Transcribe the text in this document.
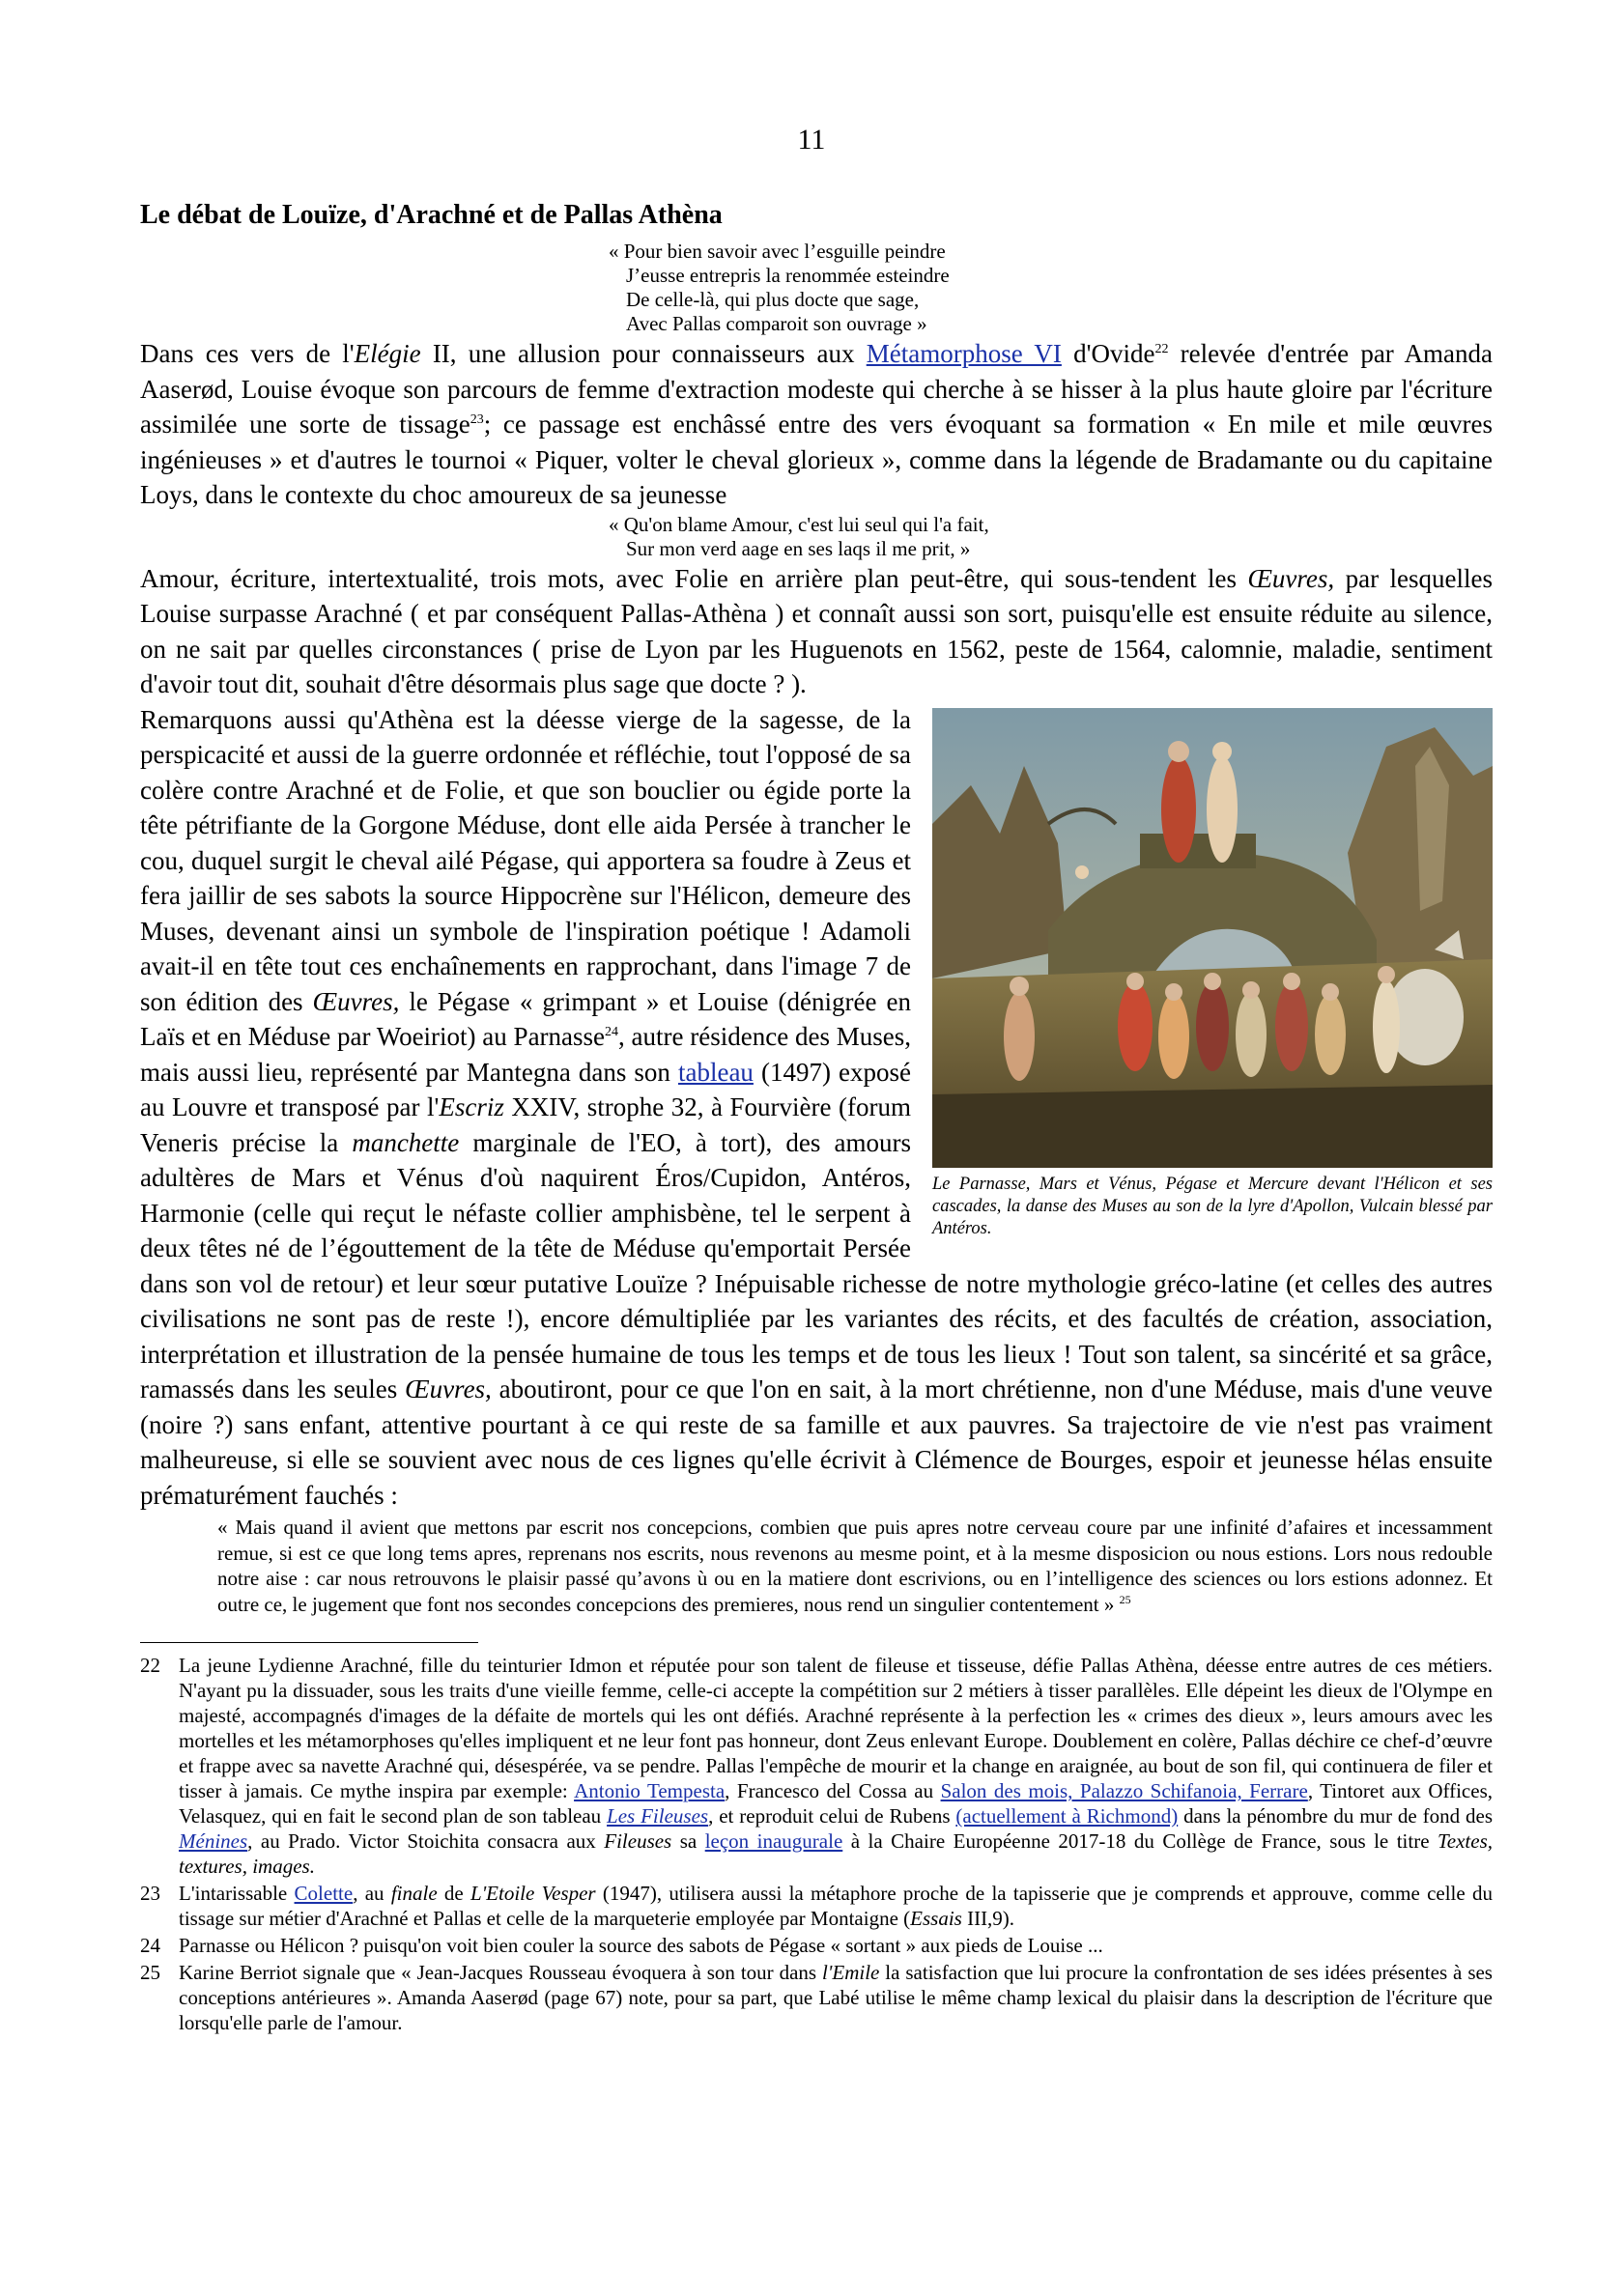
11
Le débat de Louïze, d'Arachné et de Pallas Athèna
« Pour bien savoir avec l’esguille peindre
J’eusse entrepris la renommée esteindre
De celle-là, qui plus docte que sage,
Avec Pallas comparoit son ouvrage »

Dans ces vers de l'Elégie II, une allusion pour connaisseurs aux Métamorphose VI d'Ovide$^{22}$ relevée d'entrée par Amanda Aaserød, Louise évoque son parcours de femme d'extraction modeste qui cherche à se hisser à la plus haute gloire par l'écriture assimilée une sorte de tissage$^{23}$; ce passage est enchâssé entre des vers évoquant sa formation « En mile et mile œuvres ingénieuses » et d'autres le tournoi « Piquer, volter le cheval glorieux », comme dans la légende de Bradamante ou du capitaine Loys, dans le contexte du choc amoureux de sa jeunesse

« Qu'on blame Amour, c'est lui seul qui l'a fait,
Sur mon verd aage en ses laqs il me prit, »

Amour, écriture, intertextualité, trois mots, avec Folie en arrière plan peut-être, qui sous-tendent les Œuvres, par lesquelles Louise surpasse Arachné ( et par conséquent Pallas-Athèna ) et connaît aussi son sort, puisqu'elle est ensuite réduite au silence, on ne sait par quelles circonstances ( prise de Lyon par les Huguenots en 1562, peste de 1564, calomnie, maladie, sentiment d'avoir tout dit, souhait d'être désormais plus sage que docte ? ).

Le Parnasse, Mars et Vénus, Pégase et Mercure devant l'Hélicon et ses cascades, la danse des Muses au son de la lyre d'Apollon, Vulcain blessé par Antéros.

Remarquons aussi qu'Athèna est la déesse vierge de la sagesse, de la perspicacité et aussi de la guerre ordonnée et réfléchie, tout l'opposé de sa colère contre Arachné et de Folie, et que son bouclier ou égide porte la tête pétrifiante de la Gorgone Méduse, dont elle aida Persée à trancher le cou, duquel surgit le cheval ailé Pégase, qui apportera sa foudre à Zeus et fera jaillir de ses sabots la source Hippocrène sur l'Hélicon, demeure des Muses, devenant ainsi un symbole de l'inspiration poétique ! Adamoli avait-il en tête tout ces enchaînements en rapprochant, dans l'image 7 de son édition des Œuvres, le Pégase « grimpant » et Louise (dénigrée en Laïs et en Méduse par Woeiriot) au Parnasse$^{24}$, autre résidence des Muses, mais aussi lieu, représenté par Mantegna dans son tableau (1497) exposé au Louvre et transposé par l'Escriz XXIV, strophe 32, à Fourvière (forum Veneris précise la manchette marginale de l'EO, à tort), des amours adultères de Mars et Vénus d'où naquirent Éros/Cupidon, Antéros, Harmonie (celle qui reçut le néfaste collier amphisbène, tel le serpent à deux têtes né de l’égouttement de la tête de Méduse qu'emportait Persée dans son vol de retour) et leur sœur putative Louïze ? Inépuisable richesse de notre mythologie gréco-latine (et celles des autres civilisations ne sont pas de reste !), encore démultipliée par les variantes des récits, et des facultés de création, association, interprétation et illustration de la pensée humaine de tous les temps et de tous les lieux ! Tout son talent, sa sincérité et sa grâce, ramassés dans les seules Œuvres, aboutiront, pour ce que l'on en sait, à la mort chrétienne, non d'une Méduse, mais d'une veuve (noire ?) sans enfant, attentive pourtant à ce qui reste de sa famille et aux pauvres. Sa trajectoire de vie n'est pas vraiment malheureuse, si elle se souvient avec nous de ces lignes qu'elle écrivit à Clémence de Bourges, espoir et jeunesse hélas ensuite prématurément fauchés :

« Mais quand il avient que mettons par escrit nos concepcions, combien que puis apres notre cerveau coure par une infinité d’afaires et incessamment remue, si est ce que long tems apres, reprenans nos escrits, nous revenons au mesme point, et à la mesme disposicion ou nous estions. Lors nous redouble notre aise : car nous retrouvons le plaisir passé qu’avons ù ou en la matiere dont escrivions, ou en l’intelligence des sciences ou lors estions adonnez. Et outre ce, le jugement que font nos secondes concepcions des premieres, nous rend un singulier contentement » $^{25}$
22 La jeune Lydienne Arachné, fille du teinturier Idmon et réputée pour son talent de fileuse et tisseuse, défie Pallas Athèna, déesse entre autres de ces métiers. N'ayant pu la dissuader, sous les traits d'une vieille femme, celle-ci accepte la compétition sur 2 métiers à tisser parallèles. Elle dépeint les dieux de l'Olympe en majesté, accompagnés d'images de la défaite de mortels qui les ont défiés. Arachné représente à la perfection les « crimes des dieux », leurs amours avec les mortelles et les métamorphoses qu'elles impliquent et ne leur font pas honneur, dont Zeus enlevant Europe. Doublement en colère, Pallas déchire ce chef-d’œuvre et frappe avec sa navette Arachné qui, désespérée, va se pendre. Pallas l'empêche de mourir et la change en araignée, au bout de son fil, qui continuera de filer et tisser à jamais. Ce mythe inspira par exemple: Antonio Tempesta, Francesco del Cossa au Salon des mois, Palazzo Schifanoia, Ferrare, Tintoret aux Offices, Velasquez, qui en fait le second plan de son tableau Les Fileuses, et reproduit celui de Rubens (actuellement à Richmond) dans la pénombre du mur de fond des Ménines, au Prado. Victor Stoichita consacra aux Fileuses sa leçon inaugurale à la Chaire Européenne 2017-18 du Collège de France, sous le titre Textes, textures, images.
23 L'intarissable Colette, au finale de L'Etoile Vesper (1947), utilisera aussi la métaphore proche de la tapisserie que je comprends et approuve, comme celle du tissage sur métier d'Arachné et Pallas et celle de la marqueterie employée par Montaigne (Essais III,9).
24 Parnasse ou Hélicon ? puisqu'on voit bien couler la source des sabots de Pégase « sortant » aux pieds de Louise ...
25 Karine Berriot signale que « Jean-Jacques Rousseau évoquera à son tour dans l'Emile la satisfaction que lui procure la confrontation de ses idées présentes à ses conceptions antérieures ». Amanda Aaserød (page 67) note, pour sa part, que Labé utilise le même champ lexical du plaisir dans la description de l'écriture que lorsqu'elle parle de l'amour.
